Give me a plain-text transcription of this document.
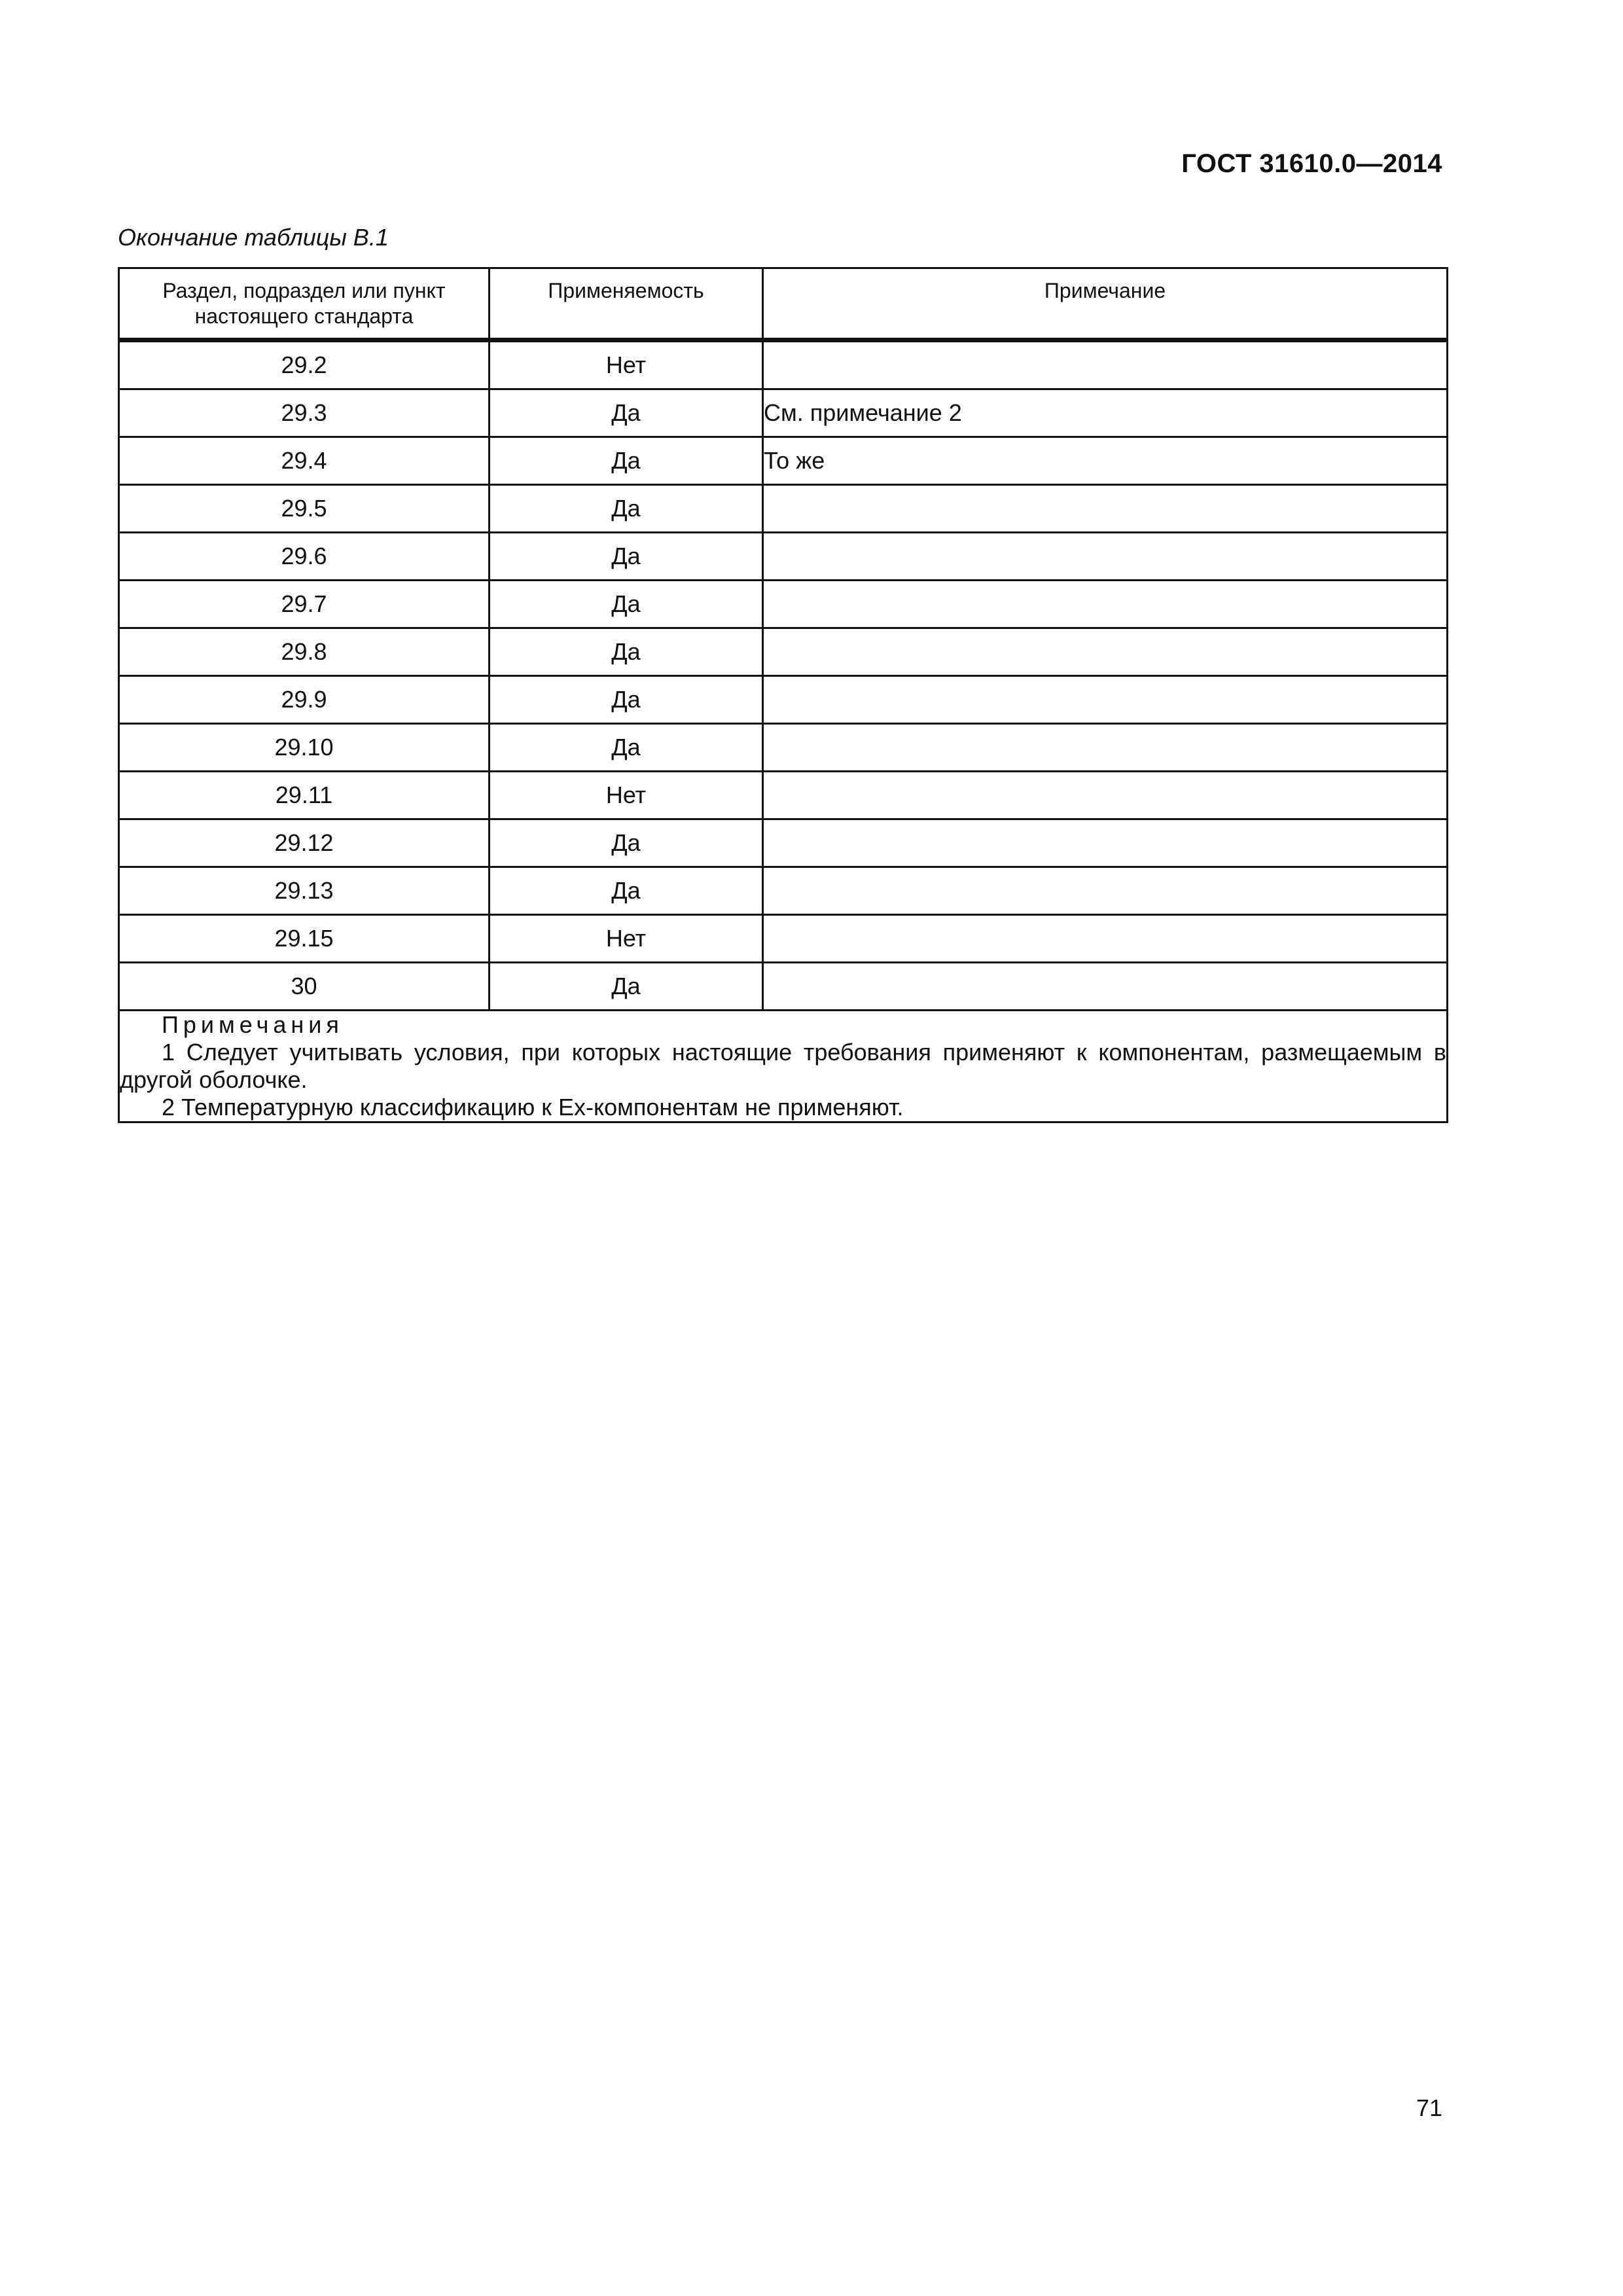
ГОСТ 31610.0—2014
Окончание таблицы В.1
Раздел, подраздел или пункт настоящего стандарта	Применяемость	Примечание
29.2	Нет	
29.3	Да	См. примечание 2
29.4	Да	То же
29.5	Да	
29.6	Да	
29.7	Да	
29.8	Да	
29.9	Да	
29.10	Да	
29.11	Нет	
29.12	Да	
29.13	Да	
29.15	Нет	
30	Да	

Примечания
1 Следует учитывать условия, при которых настоящие требования применяют к компонентам, размещаемым в другой оболочке.
2 Температурную классификацию к Ex-компонентам не применяют.		
71
